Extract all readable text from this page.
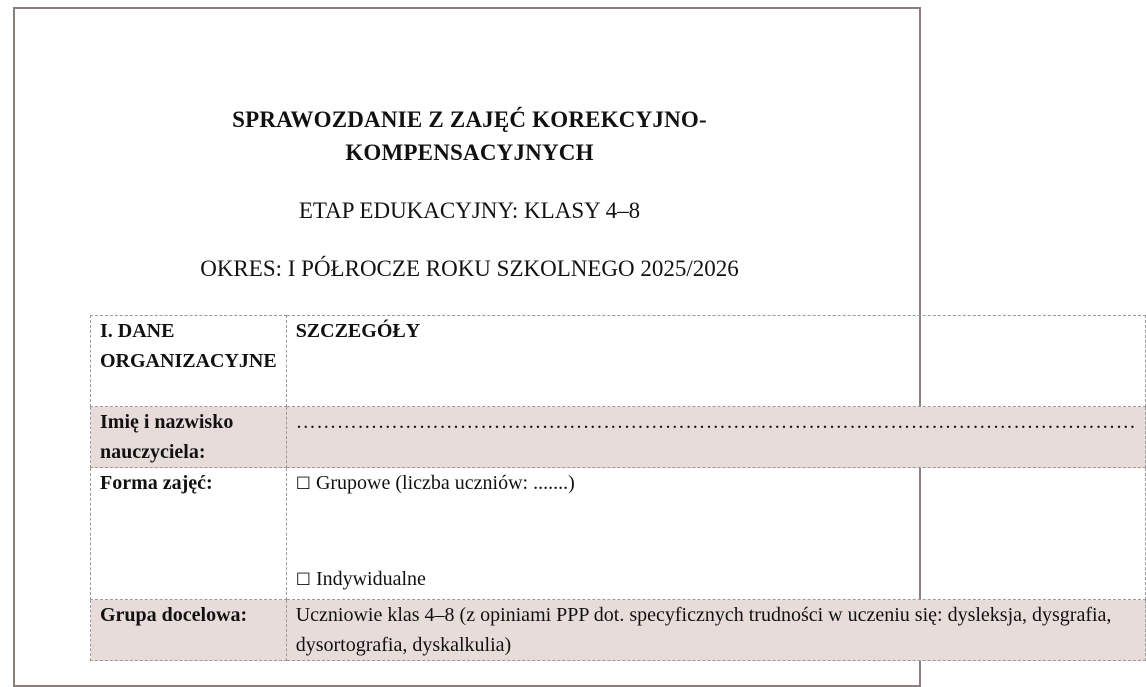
SPRAWOZDANIE Z ZAJĘĆ KOREKCYJNO-
KOMPENSACYJNYCH
ETAP EDUKACYJNY: KLASY 4–8
OKRES: I PÓŁROCZE ROKU SZKOLNEGO 2025/2026
I. DANE ORGANIZACYJNE	SZCZEGÓŁY
Imię i nazwisko nauczyciela:	……………………………………………………………………………………………………………
Forma zajęć:	☐ Grupowe (liczba uczniów: .......)
☐ Indywidualne

Grupa docelowa:	Uczniowie klas 4–8 (z opiniami PPP dot. specyficznych trudności w uczeniu się: dysleksja, dysgrafia, dysortografia, dyskalkulia)
